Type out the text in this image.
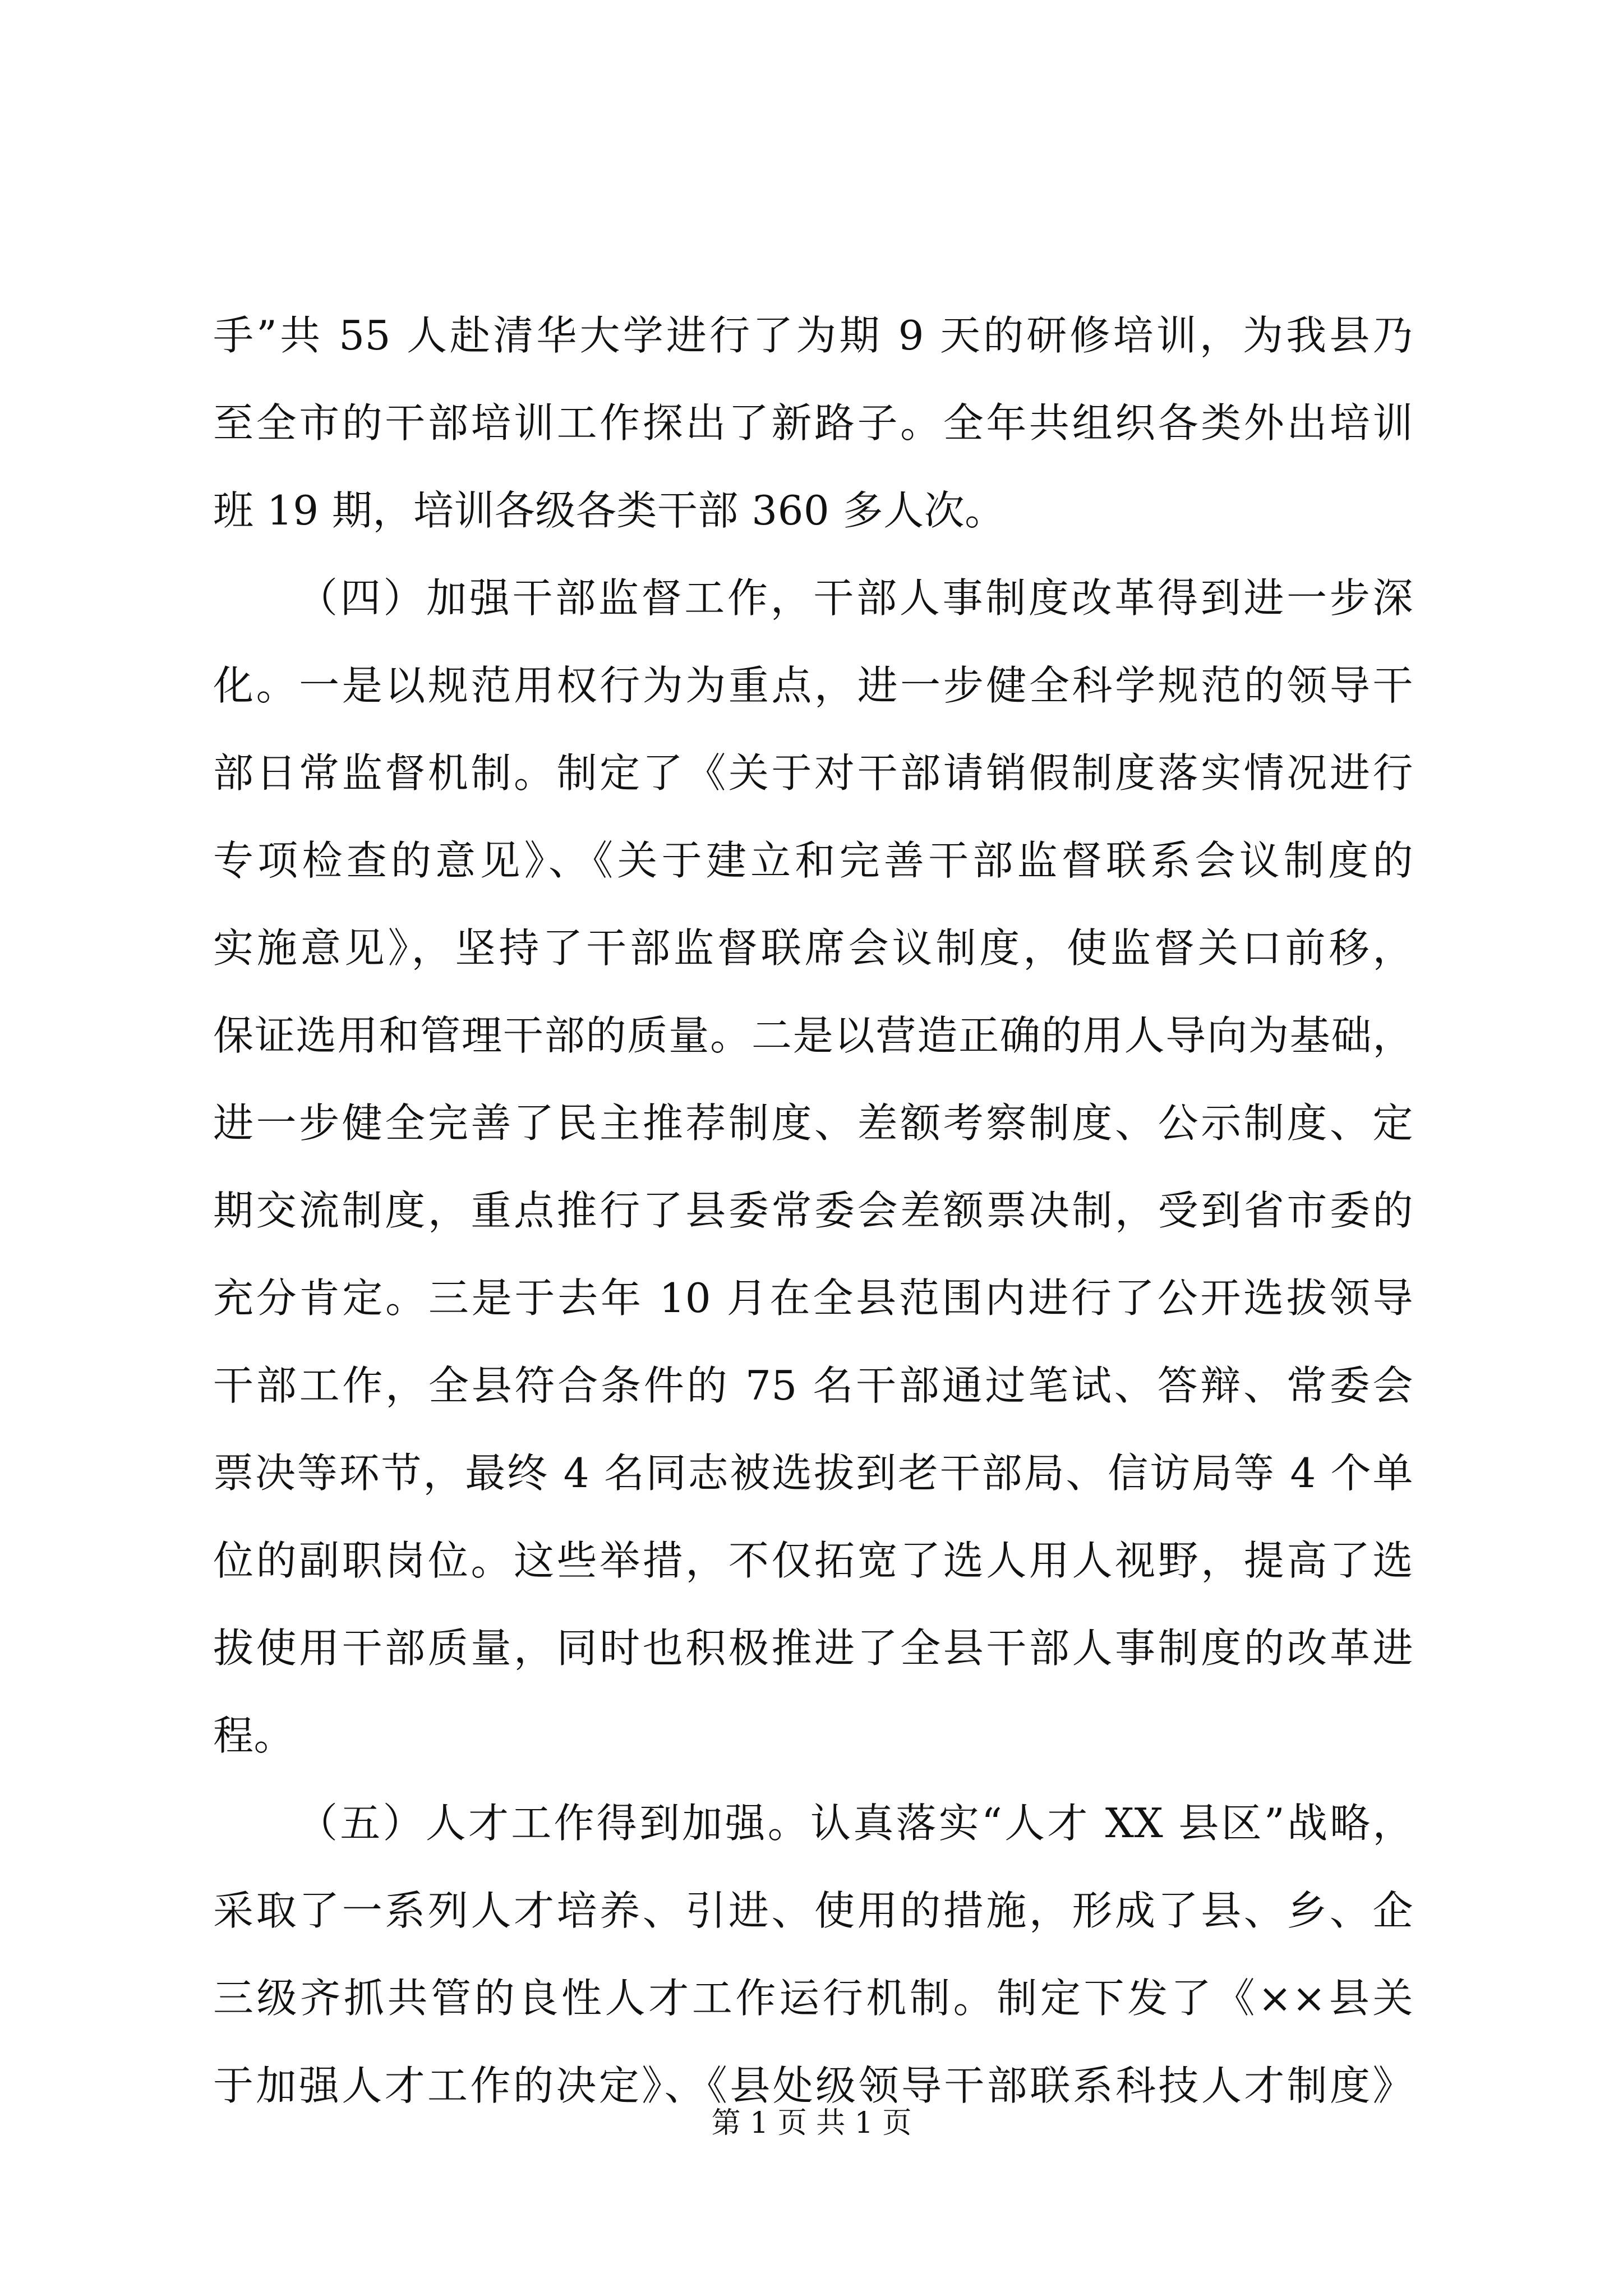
手”共 55 人赴清华大学进行了为期 9 天的研修培训，为我县乃
至全市的干部培训工作探出了新路子。全年共组织各类外出培训
班 19 期，培训各级各类干部 360 多人次。
（四）加强干部监督工作，干部人事制度改革得到进一步深
化。一是以规范用权行为为重点，进一步健全科学规范的领导干
部日常监督机制。制定了《关于对干部请销假制度落实情况进行
专项检查的意见》、《关于建立和完善干部监督联系会议制度的
实施意见》，坚持了干部监督联席会议制度，使监督关口前移，
保证选用和管理干部的质量。二是以营造正确的用人导向为基础，
进一步健全完善了民主推荐制度、差额考察制度、公示制度、定
期交流制度，重点推行了县委常委会差额票决制，受到省市委的
充分肯定。三是于去年 10 月在全县范围内进行了公开选拔领导
干部工作，全县符合条件的 75 名干部通过笔试、答辩、常委会
票决等环节，最终 4 名同志被选拔到老干部局、信访局等 4 个单
位的副职岗位。这些举措，不仅拓宽了选人用人视野，提高了选
拔使用干部质量，同时也积极推进了全县干部人事制度的改革进
程。
（五）人才工作得到加强。认真落实“人才 XX 县区”战略，
采取了一系列人才培养、引进、使用的措施，形成了县、乡、企
三级齐抓共管的良性人才工作运行机制。制定下发了《××县关
于加强人才工作的决定》、《县处级领导干部联系科技人才制度》
第 1 页 共 1 页
